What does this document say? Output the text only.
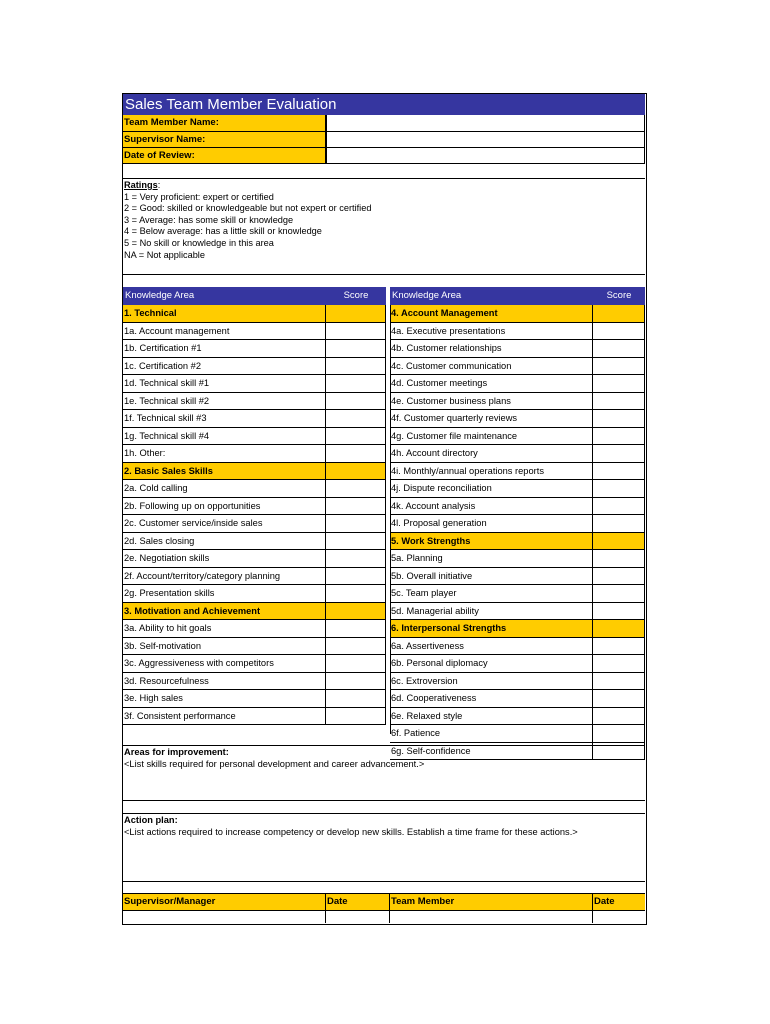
Sales Team Member Evaluation
Team Member Name:
Supervisor Name:
Date of Review:
Ratings:
1 = Very proficient: expert or certified
2 = Good: skilled or knowledgeable but not expert or certified
3 = Average: has some skill or knowledge
4 = Below average: has a little skill or knowledge
5 = No skill or knowledge in this area
NA = Not applicable
Knowledge Area	Score	Knowledge Area	Score
1. Technical
1a. Account management
1b. Certification #1
1c. Certification #2
1d. Technical skill #1
1e. Technical skill #2
1f. Technical skill #3
1g. Technical skill #4
1h. Other:
2. Basic Sales Skills
2a. Cold calling
2b. Following up on opportunities
2c. Customer service/inside sales
2d. Sales closing
2e. Negotiation skills
2f. Account/territory/category planning
2g. Presentation skills
3. Motivation and Achievement
3a. Ability to hit goals
3b. Self-motivation
3c. Aggressiveness with competitors
3d. Resourcefulness
3e. High sales
3f. Consistent performance
4. Account Management
4a. Executive presentations
4b. Customer relationships
4c. Customer communication
4d. Customer meetings
4e. Customer business plans
4f. Customer quarterly reviews
4g. Customer file maintenance
4h. Account directory
4i. Monthly/annual operations reports
4j. Dispute reconciliation
4k. Account analysis
4l. Proposal generation
5. Work Strengths
5a. Planning
5b. Overall initiative
5c. Team player
5d. Managerial ability
6. Interpersonal Strengths
6a. Assertiveness
6b. Personal diplomacy
6c. Extroversion
6d. Cooperativeness
6e. Relaxed style
6f. Patience
6g. Self-confidence
Areas for improvement:
<List skills required for personal development and career advancement.>
Action plan:
<List actions required to increase competency or develop new skills. Establish a time frame for these actions.>
Supervisor/Manager	Date	Team Member	Date
